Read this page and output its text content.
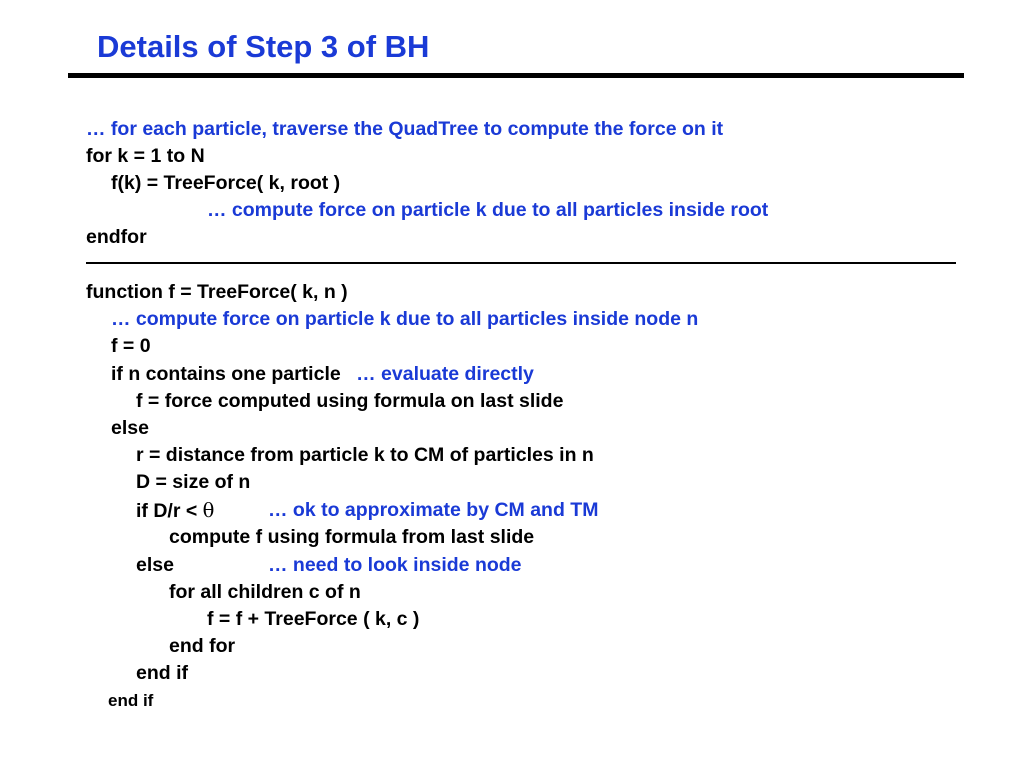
Details of Step 3 of BH
… for each particle, traverse the QuadTree to compute the force on it
for k = 1 to N
f(k) = TreeForce( k, root )
… compute force on particle k due to all particles inside root
endfor
function f = TreeForce( k, n )
… compute force on particle k due to all particles inside node n
f = 0
if n contains one particle … evaluate directly
f = force computed using formula on last slide
else
r = distance from particle k to CM of particles in n
D = size of n
if D/r < θ	… ok to approximate by CM and TM
compute f using formula from last slide
else	… need to look inside node
for all children c of n
f = f + TreeForce ( k, c )
end for
end if
end if
